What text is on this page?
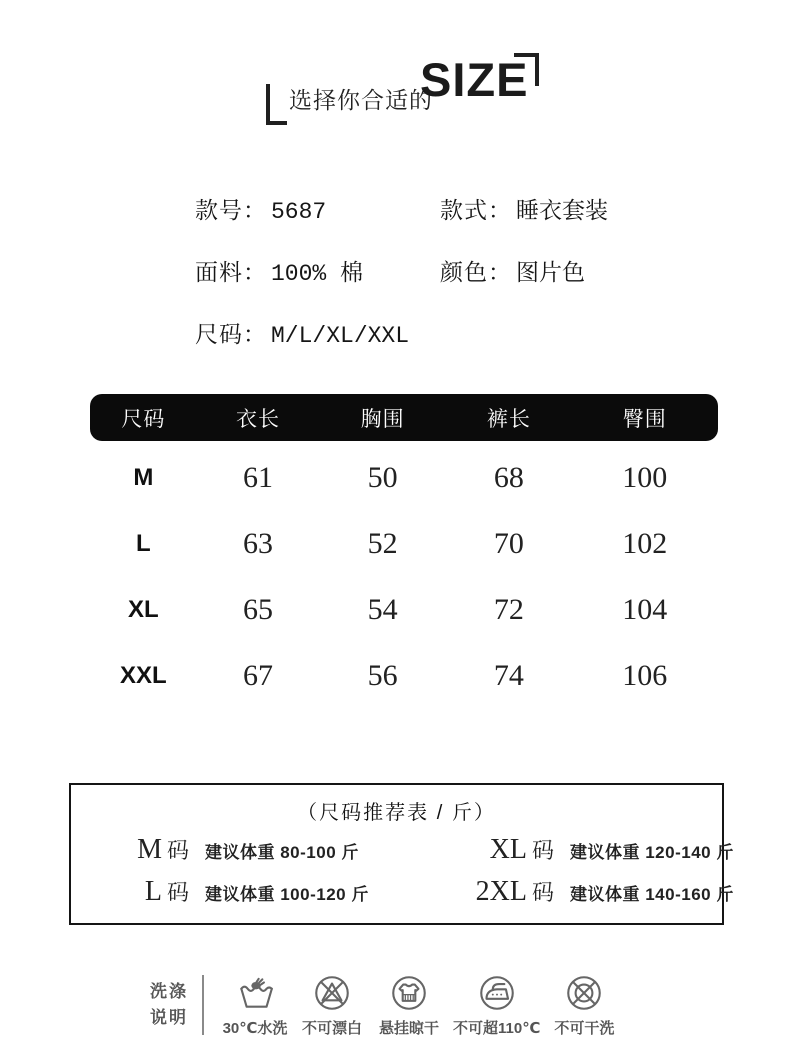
选择你合适的
SIZE
款号： 5687	款式： 睡衣套装
面料： 100% 棉	颜色： 图片色
尺码： M/L/XL/XXL
尺码	衣长	胸围	裤长	臀围
M	61	50	68	100
L	63	52	70	102
XL	65	54	72	104
XXL	67	56	74	106
（尺码推荐表 / 斤）
M 码 建议体重 80-100 斤	XL 码 建议体重 120-140 斤
L 码 建议体重 100-120 斤	2XL 码 建议体重 140-160 斤
洗涤
说明
30℃水洗 不可漂白 悬挂晾干 不可超110℃ 不可干洗
